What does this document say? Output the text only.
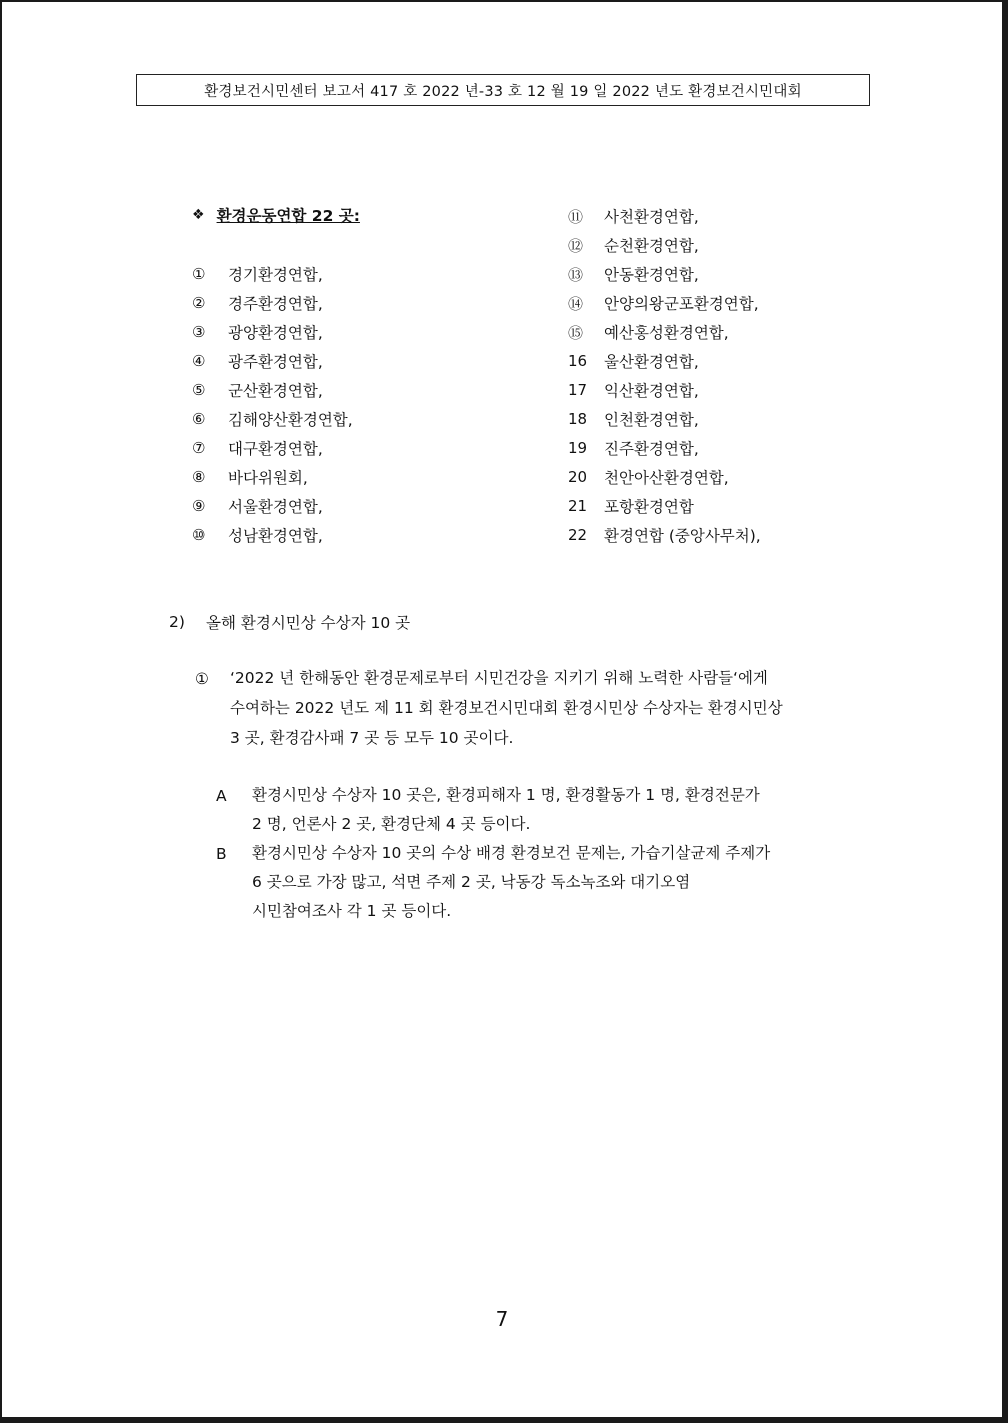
환경보건시민센터 보고서 417 호 2022 년-33 호 12 월 19 일 2022 년도 환경보건시민대회
❖ 환경운동연합 22 곳:
①	경기환경연합,
②	경주환경연합,
③	광양환경연합,
④	광주환경연합,
⑤	군산환경연합,
⑥	김해양산환경연합,
⑦	대구환경연합,
⑧	바다위원회,
⑨	서울환경연합,
⑩	성남환경연합,
⑪	사천환경연합,
⑫	순천환경연합,
⑬	안동환경연합,
⑭	안양의왕군포환경연합,
⑮	예산홍성환경연합,
16	울산환경연합,
17	익산환경연합,
18	인천환경연합,
19	진주환경연합,
20	천안아산환경연합,
21	포항환경연합
22	환경연합 (중앙사무처),
2)	올해 환경시민상 수상자 10 곳
①	‘2022 년 한해동안 환경문제로부터 시민건강을 지키기 위해 노력한 사람들‘에게
수여하는 2022 년도 제 11 회 환경보건시민대회 환경시민상 수상자는 환경시민상
3 곳, 환경감사패 7 곳 등 모두 10 곳이다.
A	환경시민상 수상자 10 곳은, 환경피해자 1 명, 환경활동가 1 명, 환경전문가
2 명, 언론사 2 곳, 환경단체 4 곳 등이다.
B	환경시민상 수상자 10 곳의 수상 배경 환경보건 문제는, 가습기살균제 주제가
6 곳으로 가장 많고, 석면 주제 2 곳, 낙동강 독소녹조와 대기오염
시민참여조사 각 1 곳 등이다.
7
